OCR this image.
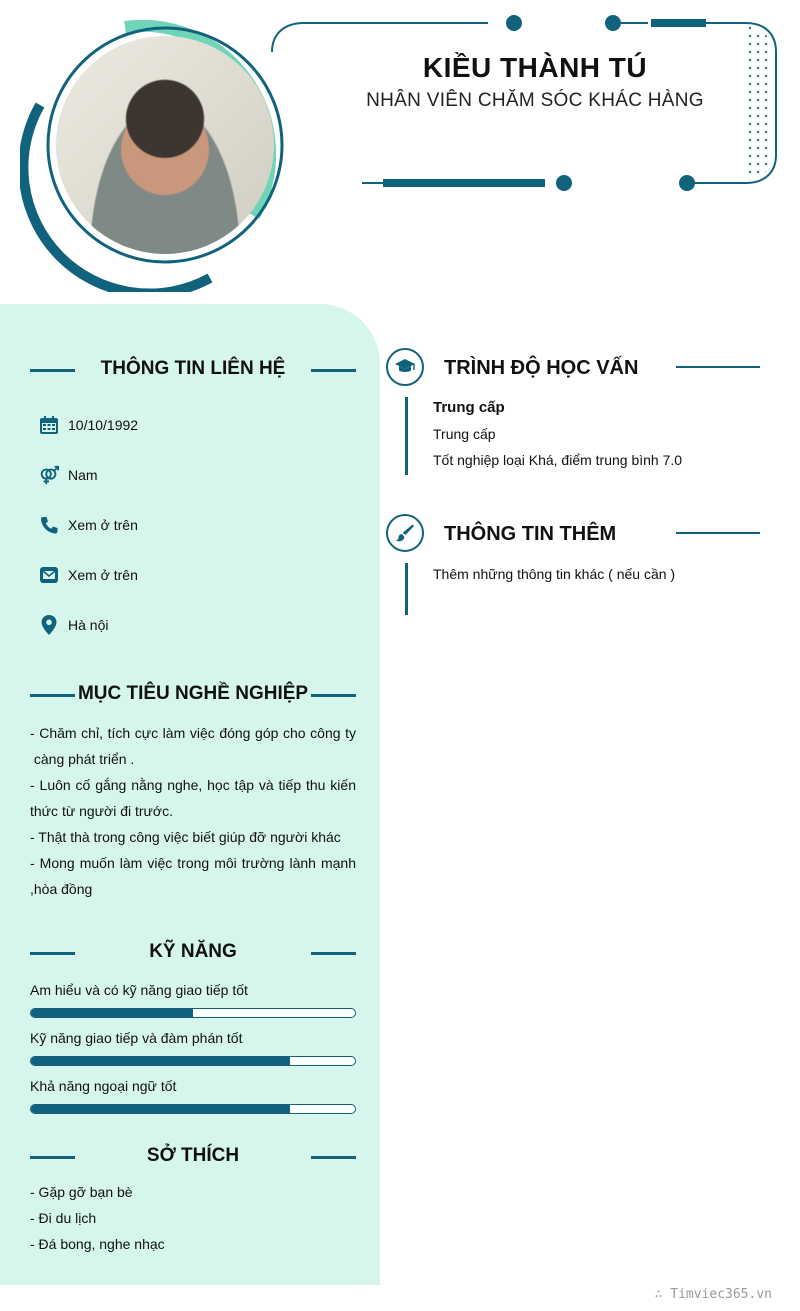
KIỀU THÀNH TÚ
NHÂN VIÊN CHĂM SÓC KHÁC HÀNG
THÔNG TIN LIÊN HỆ
10/10/1992
Nam
Xem ở trên
Xem ở trên
Hà nội
MỤC TIÊU NGHỀ NGHIỆP
- Chăm chỉ, tích cực làm việc đóng góp cho công ty
càng phát triển .
- Luôn cố gắng nằng nghe, học tập và tiếp thu kiến
thức từ người đi trước.
- Thật thà trong công việc biết giúp đỡ người khác
- Mong muốn làm việc trong môi trường lành mạnh
,hòa đồng
KỸ NĂNG
Am hiểu và có kỹ năng giao tiếp tốt
Kỹ năng giao tiếp và đàm phán tốt
Khả năng ngoại ngữ tốt
SỞ THÍCH
- Gặp gỡ bạn bè
- Đi du lịch
- Đá bong, nghe nhạc
TRÌNH ĐỘ HỌC VẤN
Trung cấp
Trung cấp
Tốt nghiệp loại Khá, điểm trung bình 7.0
THÔNG TIN THÊM
Thêm những thông tin khác ( nếu cần )
∴ Timviec365.vn
